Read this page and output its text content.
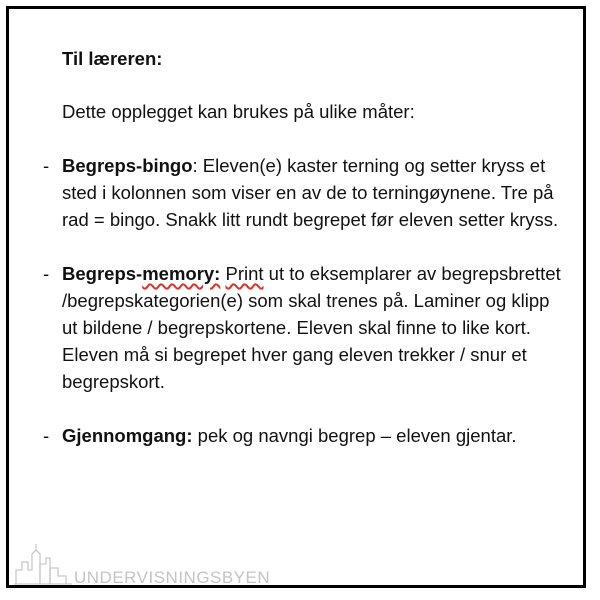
Til læreren:

Dette opplegget kan brukes på ulike måter:

- Begreps-bingo: Eleven(e) kaster terning og setter kryss et sted i kolonnen som viser en av de to terningøynene. Tre på rad = bingo. Snakk litt rundt begrepet før eleven setter kryss.
- Begreps-memory: Print ut to eksemplarer av begrepsbrettet /begrepskategorien(e) som skal trenes på. Laminer og klipp ut bildene / begrepskortene. Eleven skal finne to like kort. Eleven må si begrepet hver gang eleven trekker / snur et begrepskort.
- Gjennomgang: pek og navngi begrep – eleven gjentar.
UNDERVISNINGSBYEN
